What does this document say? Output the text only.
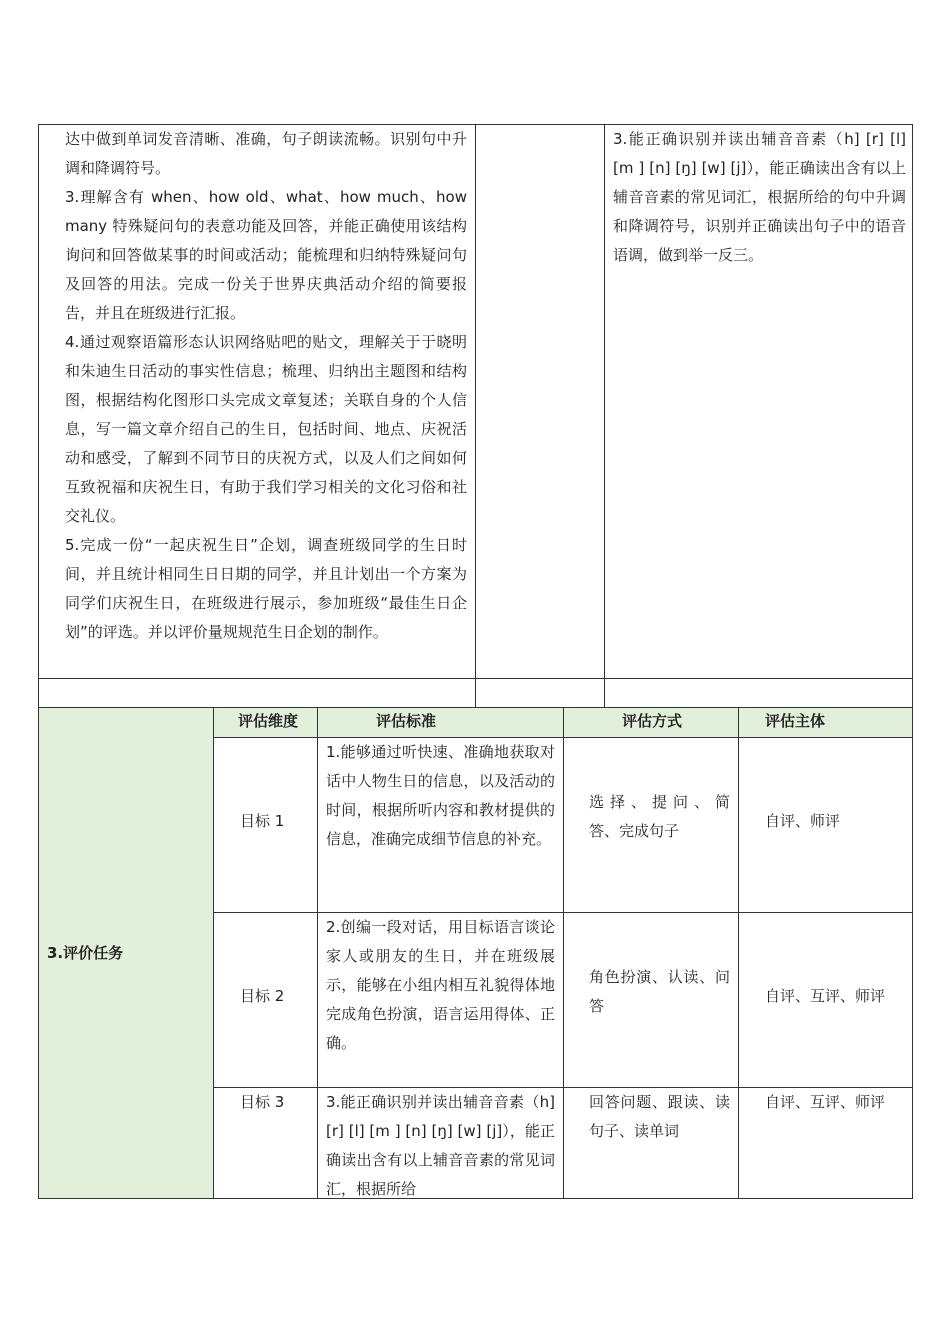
达中做到单词发音清晰、准确，句子朗读流畅。识别句中升调和降调符号。

3.理解含有 when、how old、what、how much、how many 特殊疑问句的表意功能及回答，并能正确使用该结构询问和回答做某事的时间或活动；能梳理和归纳特殊疑问句及回答的用法。完成一份关于世界庆典活动介绍的简要报告，并且在班级进行汇报。

4.通过观察语篇形态认识网络贴吧的贴文，理解关于于晓明和朱迪生日活动的事实性信息；梳理、归纳出主题图和结构图，根据结构化图形口头完成文章复述；关联自身的个人信息，写一篇文章介绍自己的生日，包括时间、地点、庆祝活动和感受，了解到不同节日的庆祝方式，以及人们之间如何互致祝福和庆祝生日，有助于我们学习相关的文化习俗和社交礼仪。

5.完成一份“一起庆祝生日”企划，调查班级同学的生日时间，并且统计相同生日日期的同学，并且计划出一个方案为同学们庆祝生日，在班级进行展示，参加班级“最佳生日企划”的评选。并以评价量规规范生日企划的制作。		3.能正确识别并读出辅音音素（h] [r] [l] [m ] [n] [ŋ] [w] [j]），能正确读出含有以上辅音音素的常见词汇，根据所给的句中升调和降调符号，识别并正确读出句子中的语音语调，做到举一反三。

3.评价任务	评估维度	评估标准	评估方式	评估主体

	目标 1	1.能够通过听快速、准确地获取对话中人物生日的信息，以及活动的时间，根据所听内容和教材提供的信息，准确完成细节信息的补充。	选 择 、 提 问 、 简 答、完成句子	自评、师评

	目标 2	2.创编一段对话，用目标语言谈论家人或朋友的生日，并在班级展示，能够在小组内相互礼貌得体地完成角色扮演，语言运用得体、正确。	角色扮演、认读、问答	自评、互评、师评

	目标 3	3.能正确识别并读出辅音音素（h] [r] [l] [m ] [n] [ŋ] [w] [j]），能正确读出含有以上辅音音素的常见词汇，根据所给	回答问题、跟读、读句子、读单词	自评、互评、师评
